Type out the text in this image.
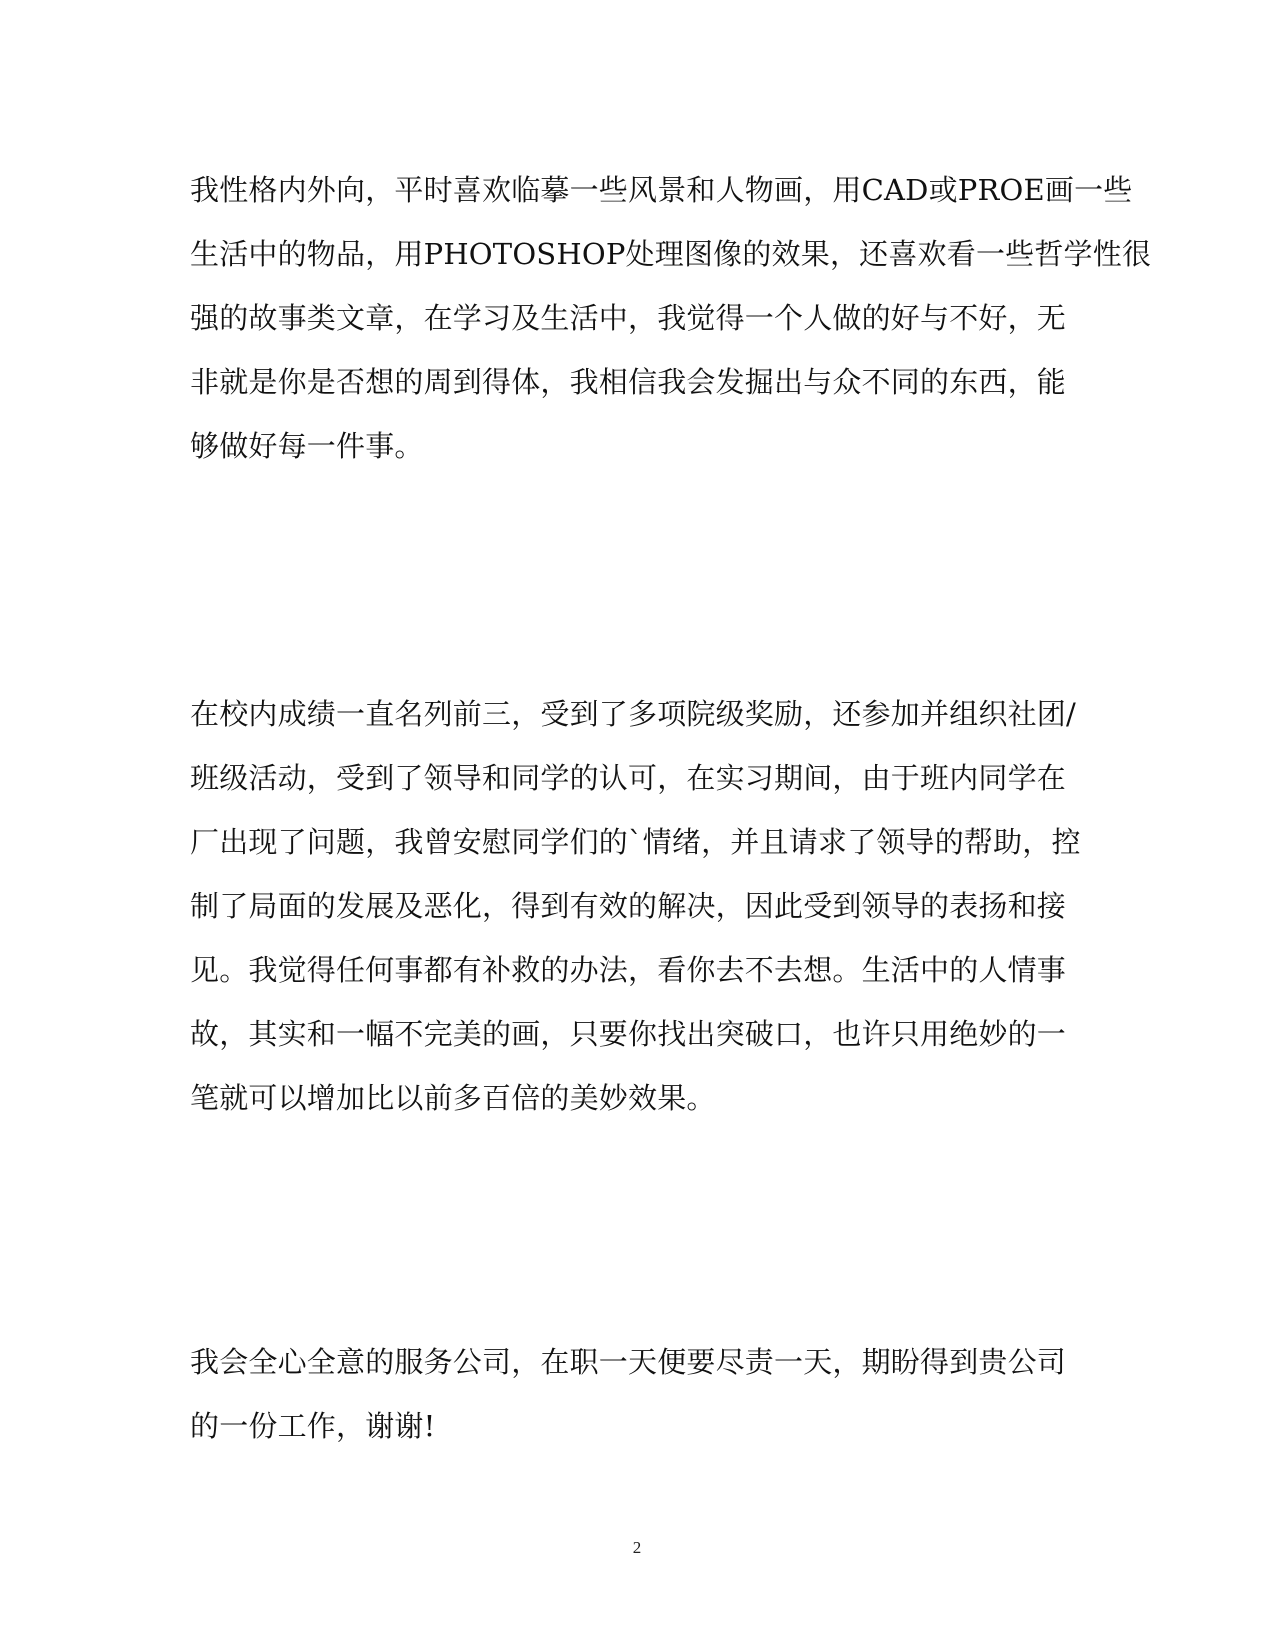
我性格内外向，平时喜欢临摹一些风景和人物画，用CAD或PROE画一些
生活中的物品，用PHOTOSHOP处理图像的效果，还喜欢看一些哲学性很
强的故事类文章，在学习及生活中，我觉得一个人做的好与不好，无
非就是你是否想的周到得体，我相信我会发掘出与众不同的东西，能
够做好每一件事。

在校内成绩一直名列前三，受到了多项院级奖励，还参加并组织社团/
班级活动，受到了领导和同学的认可，在实习期间，由于班内同学在
厂出现了问题，我曾安慰同学们的`情绪，并且请求了领导的帮助，控
制了局面的发展及恶化，得到有效的解决，因此受到领导的表扬和接
见。我觉得任何事都有补救的办法，看你去不去想。生活中的人情事
故，其实和一幅不完美的画，只要你找出突破口，也许只用绝妙的一
笔就可以增加比以前多百倍的美妙效果。

我会全心全意的服务公司，在职一天便要尽责一天，期盼得到贵公司
的一份工作，谢谢!

2
